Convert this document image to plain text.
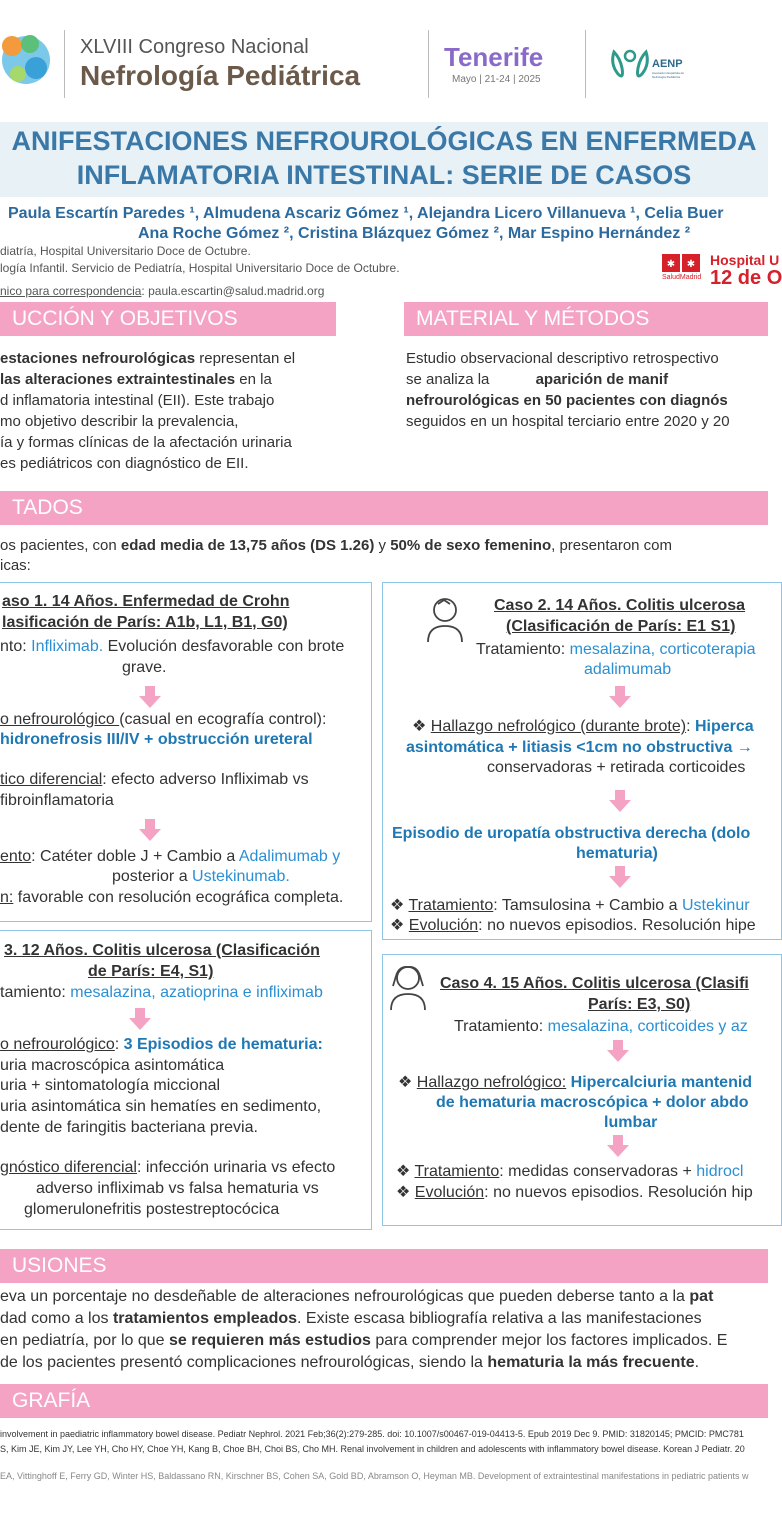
XLVIII Congreso Nacional
Nefrología Pediátrica
Tenerife
Mayo | 21-24 | 2025
AENP
Asociación Española de Nefrología Pediátrica
ANIFESTACIONES NEFROUROLÓGICAS EN ENFERMEDA
INFLAMATORIA INTESTINAL: SERIE DE CASOS
Paula Escartín Paredes ¹, Almudena Ascariz Gómez ¹, Alejandra Licero Villanueva ¹, Celia Buer
Ana Roche Gómez ², Cristina Blázquez Gómez ², Mar Espino Hernández ²
diatría, Hospital Universitario Doce de Octubre.
logía Infantil. Servicio de Pediatría, Hospital Universitario Doce de Octubre.
nico para correspondencia: paula.escartin@salud.madrid.org
✱ ✱
SaludMadrid
Hospital U
12 de O
UCCIÓN Y OBJETIVOS
estaciones nefrourológicas representan el
las alteraciones extraintestinales en la
d inflamatoria intestinal (EII). Este trabajo
mo objetivo describir la prevalencia,
ía y formas clínicas de la afectación urinaria
es pediátricos con diagnóstico de EII.
MATERIAL Y MÉTODOS
Estudio observacional descriptivo retrospectivo
se analiza la	aparición de manif
nefrourológicas en 50 pacientes con diagnós
seguidos en un hospital terciario entre 2020 y 20
TADOS
os pacientes, con edad media de 13,75 años (DS 1.26) y 50% de sexo femenino, presentaron com
icas:
aso 1. 14 Años. Enfermedad de Crohn
lasificación de París: A1b, L1, B1, G0)
nto: Infliximab. Evolución desfavorable con brote
grave.
o nefrourológico (casual en ecografía control):
hidronefrosis III/IV + obstrucción ureteral
tico diferencial: efecto adverso Infliximab vs
fibroinflamatoria
ento: Catéter doble J + Cambio a Adalimumab y
posterior a Ustekinumab.
n: favorable con resolución ecográfica completa.
3. 12 Años. Colitis ulcerosa (Clasificación
de París: E4, S1)
tamiento: mesalazina, azatioprina e infliximab
o nefrourológico: 3 Episodios de hematuria:
uria macroscópica asintomática
uria + sintomatología miccional
uria asintomática sin hematíes en sedimento,
dente de faringitis bacteriana previa.
gnóstico diferencial: infección urinaria vs efecto
adverso infliximab vs falsa hematuria vs
glomerulonefritis postestreptocócica
Caso 2. 14 Años. Colitis ulcerosa
(Clasificación de París: E1 S1)
Tratamiento: mesalazina, corticoterapia
adalimumab
❖ Hallazgo nefrológico (durante brote): Hiperca
asintomática + litiasis <1cm no obstructiva →
conservadoras + retirada corticoides
Episodio de uropatía obstructiva derecha (dolo
hematuria)
❖ Tratamiento: Tamsulosina + Cambio a Ustekinur
❖ Evolución: no nuevos episodios. Resolución hipe
Caso 4. 15 Años. Colitis ulcerosa (Clasifi
París: E3, S0)
Tratamiento: mesalazina, corticoides y az
❖ Hallazgo nefrológico: Hipercalciuria mantenid
de hematuria macroscópica + dolor abdo
lumbar
❖ Tratamiento: medidas conservadoras + hidrocl
❖ Evolución: no nuevos episodios. Resolución hip
USIONES
eva un porcentaje no desdeñable de alteraciones nefrourológicas que pueden deberse tanto a la pat
dad como a los tratamientos empleados. Existe escasa bibliografía relativa a las manifestaciones
en pediatría, por lo que se requieren más estudios para comprender mejor los factores implicados. E
de los pacientes presentó complicaciones nefrourológicas, siendo la hematuria la más frecuente.
GRAFÍA
involvement in paediatric inflammatory bowel disease. Pediatr Nephrol. 2021 Feb;36(2):279-285. doi: 10.1007/s00467-019-04413-5. Epub 2019 Dec 9. PMID: 31820145; PMCID: PMC781
S, Kim JE, Kim JY, Lee YH, Cho HY, Choe YH, Kang B, Choe BH, Choi BS, Cho MH. Renal involvement in children and adolescents with inflammatory bowel disease. Korean J Pediatr. 20
EA, Vittinghoff E, Ferry GD, Winter HS, Baldassano RN, Kirschner BS, Cohen SA, Gold BD, Abramson O, Heyman MB. Development of extraintestinal manifestations in pediatric patients w
